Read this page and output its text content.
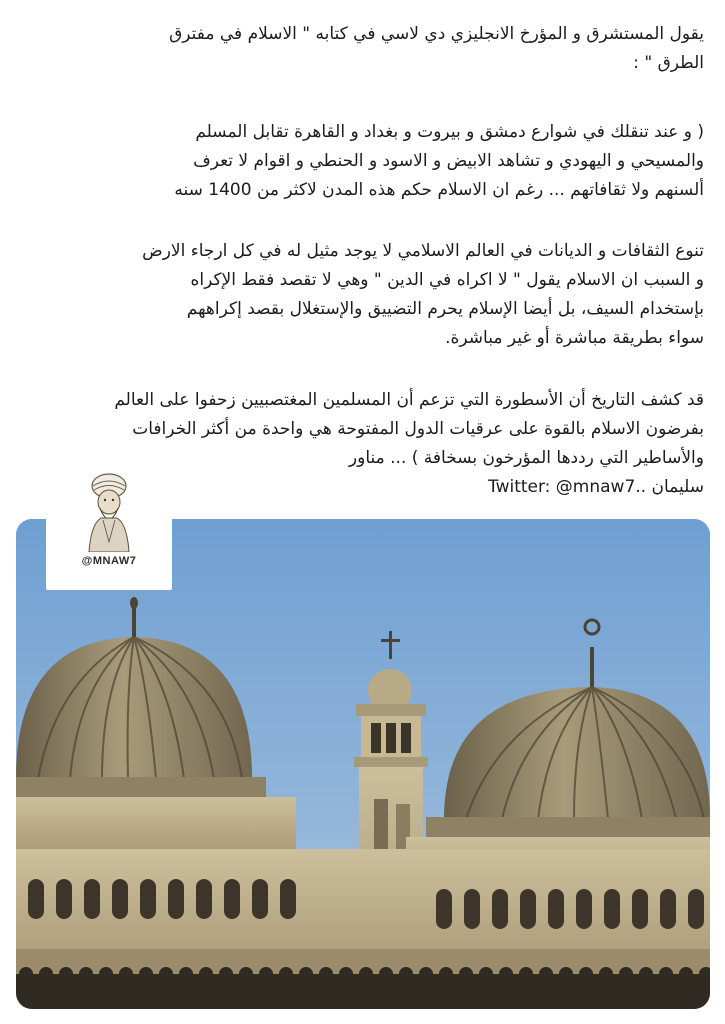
يقول المستشرق و المؤرخ الانجليزي دي لاسي في كتابه " الاسلام في مفترق
الطرق " :
( و عند تنقلك في شوارع دمشق و بيروت و بغداد و القاهرة تقابل المسلم
والمسيحي و اليهودي و تشاهد الابيض و الاسود و الحنطي و اقوام لا تعرف
ألسنهم ولا ثقافاتهم ... رغم ان الاسلام حكم هذه المدن لاكثر من 1400 سنه
تنوع الثقافات و الديانات في العالم الاسلامي لا يوجد مثيل له في كل ارجاء الارض
و السبب ان الاسلام يقول " لا اكراه في الدين " وهي لا تقصد فقط الإكراه
بإستخدام السيف، بل أيضا الإسلام يحرم التضييق والإستغلال بقصد إكراههم
سواء بطريقة مباشرة أو غير مباشرة.
قد كشف التاريخ أن الأسطورة التي تزعم أن المسلمين المغتصبيين زحفوا على العالم
بفرضون الاسلام بالقوة على عرقيات الدول المفتوحة هي واحدة من أكثر الخرافات
والأساطير التي رددها المؤرخون بسخافة ) ... مناور
سليمان ..Twitter: @mnaw7
@MNAW7
